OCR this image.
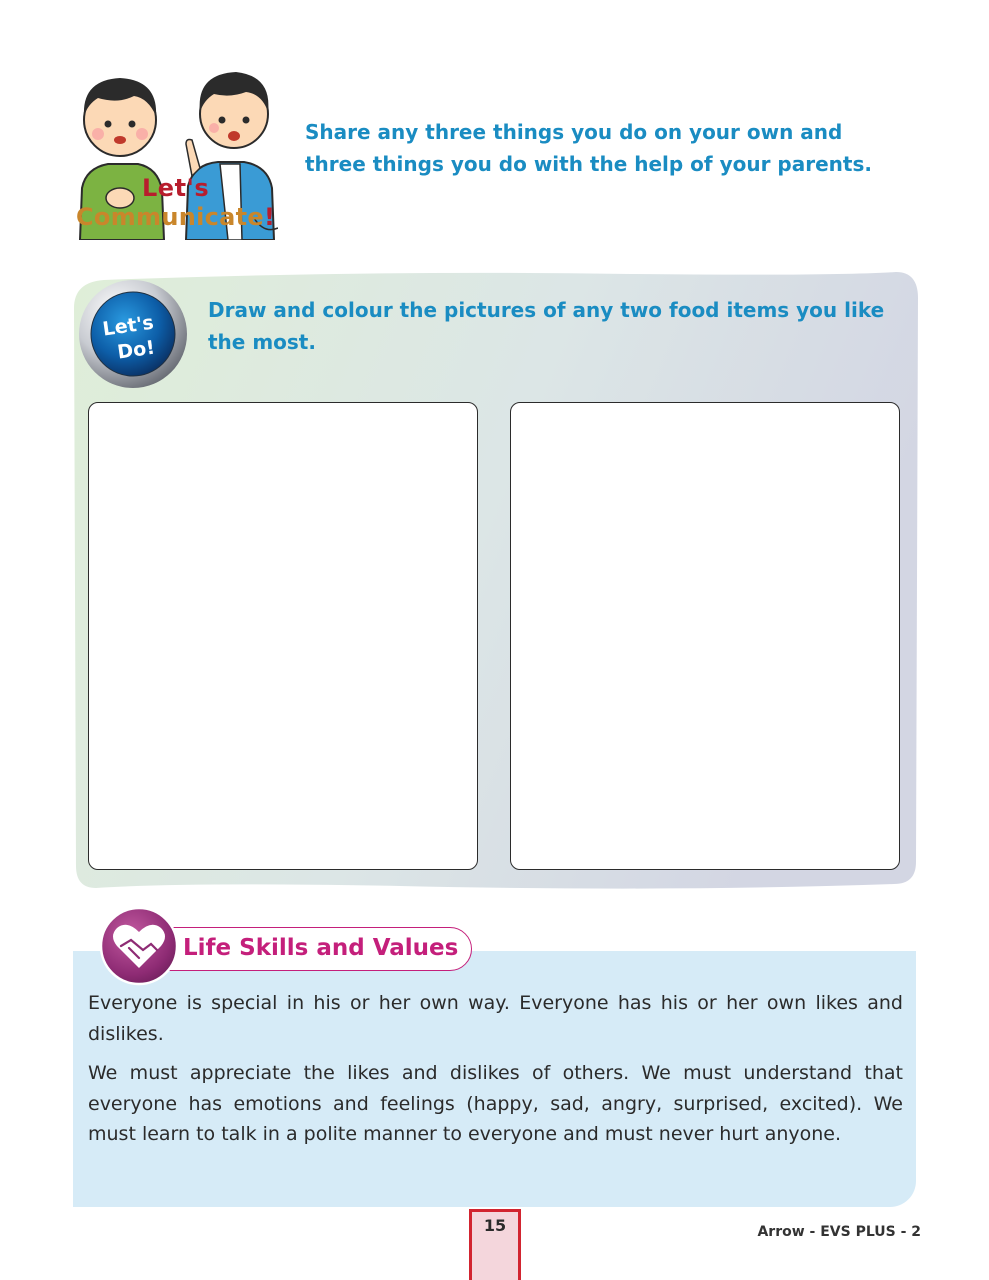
Let's
Communicate!
Share any three things you do on your own and three things you do with the help of your parents.
Let's
Do!
Draw and colour the pictures of any two food items you like the most.
Life Skills and Values

Everyone is special in his or her own way. Everyone has his or her own likes and dislikes.

We must appreciate the likes and dislikes of others. We must understand that everyone has emotions and feelings (happy, sad, angry, surprised, excited). We must learn to talk in a polite manner to everyone and must never hurt anyone.

15	Arrow - EVS PLUS - 2
